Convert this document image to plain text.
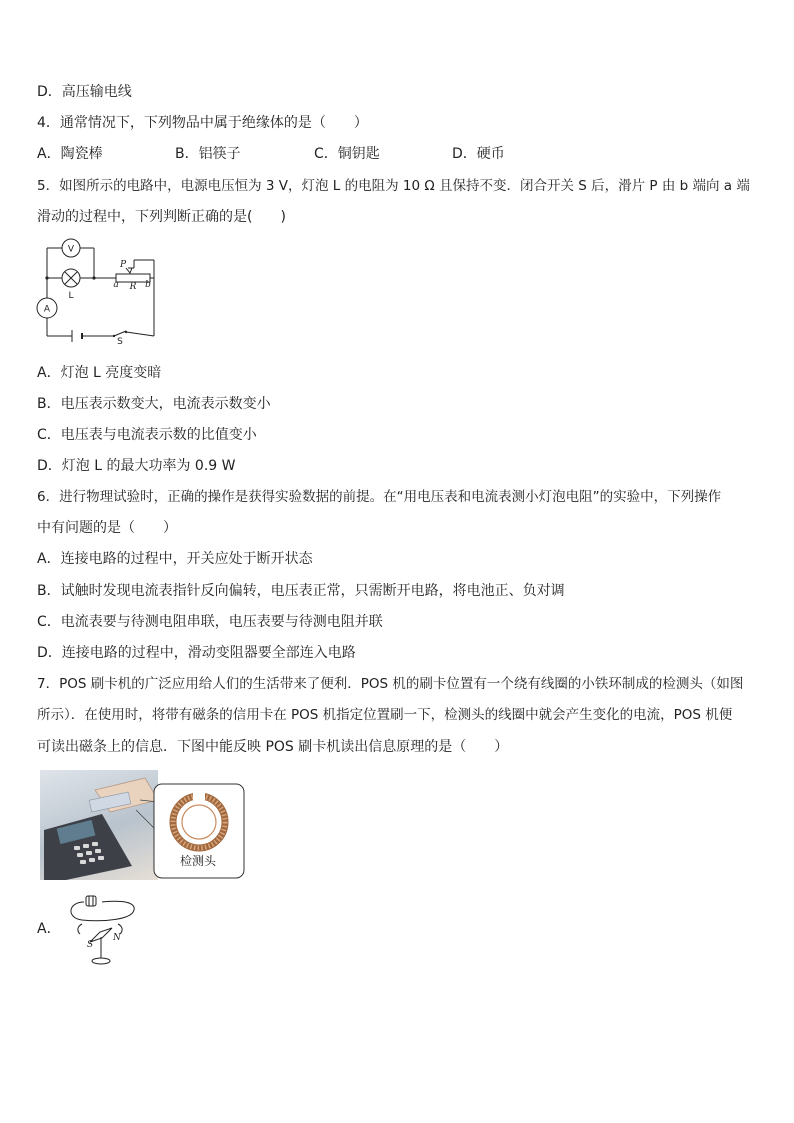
D．高压输电线
4．通常情况下，下列物品中属于绝缘体的是（　　）
A．陶瓷棒	B．铝筷子	C．铜钥匙	D．硬币
5．如图所示的电路中，电源电压恒为 3 V，灯泡 L 的电阻为 10 Ω 且保持不变．闭合开关 S 后，滑片 P 由 b 端向 a 端
滑动的过程中，下列判断正确的是(　　)
V
A
L
P
a R b
S
A．灯泡 L 亮度变暗
B．电压表示数变大，电流表示数变小
C．电压表与电流表示数的比值变小
D．灯泡 L 的最大功率为 0.9 W
6．进行物理试验时，正确的操作是获得实验数据的前提。在“用电压表和电流表测小灯泡电阻”的实验中，下列操作
中有问题的是（　　）
A．连接电路的过程中，开关应处于断开状态
B．试触时发现电流表指针反向偏转，电压表正常，只需断开电路，将电池正、负对调
C．电流表要与待测电阻串联，电压表要与待测电阻并联
D．连接电路的过程中，滑动变阻器要全部连入电路
7．POS 刷卡机的广泛应用给人们的生活带来了便利．POS 机的刷卡位置有一个绕有线圈的小铁环制成的检测头（如图
所示）．在使用时，将带有磁条的信用卡在 POS 机指定位置刷一下，检测头的线圈中就会产生变化的电流，POS 机便
可读出磁条上的信息．下图中能反映 POS 刷卡机读出信息原理的是（　　）
检测头
A．
S
N
